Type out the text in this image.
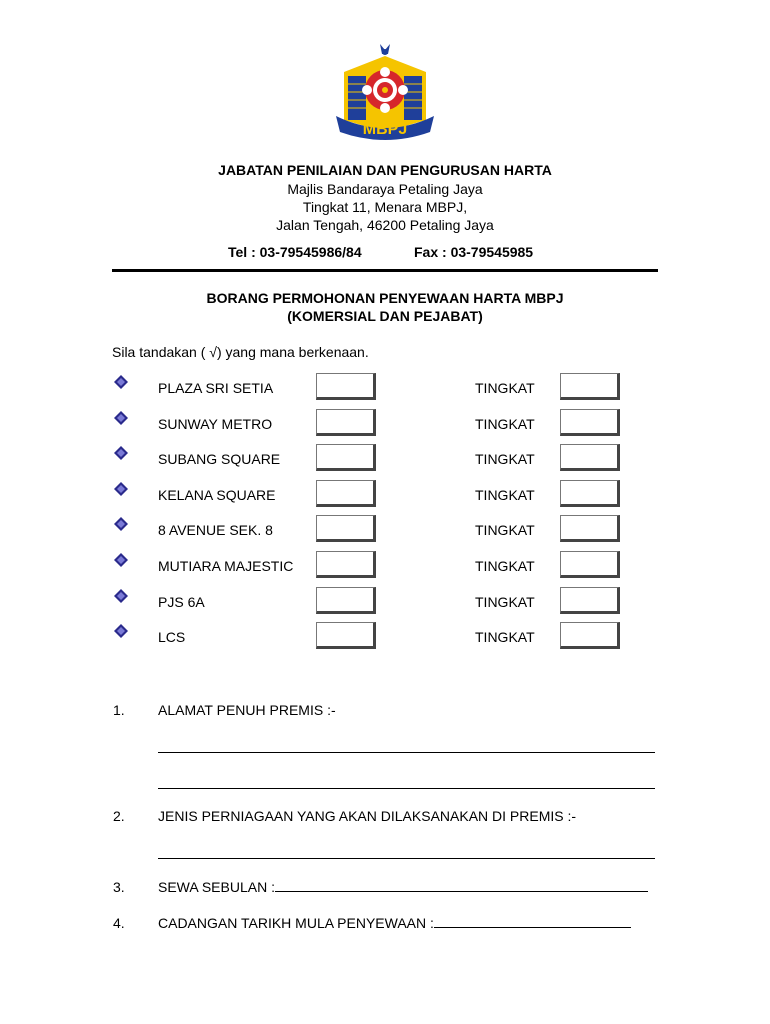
MBPJ
JABATAN PENILAIAN DAN PENGURUSAN HARTA
Majlis Bandaraya Petaling Jaya
Tingkat 11, Menara MBPJ,
Jalan Tengah, 46200 Petaling Jaya
Tel : 03-79545986/84	Fax : 03-79545985
BORANG PERMOHONAN PENYEWAAN HARTA MBPJ
(KOMERSIAL DAN PEJABAT)
Sila tandakan ( √) yang mana berkenaan.
PLAZA SRI SETIA	TINGKAT
SUNWAY METRO	TINGKAT
SUBANG SQUARE	TINGKAT
KELANA SQUARE	TINGKAT
8 AVENUE SEK. 8	TINGKAT
MUTIARA MAJESTIC	TINGKAT
PJS 6A	TINGKAT
LCS	TINGKAT
1. ALAMAT PENUH PREMIS :-
2. JENIS PERNIAGAAN YANG AKAN DILAKSANAKAN DI PREMIS :-
3. SEWA SEBULAN :
4. CADANGAN TARIKH MULA PENYEWAAN :
